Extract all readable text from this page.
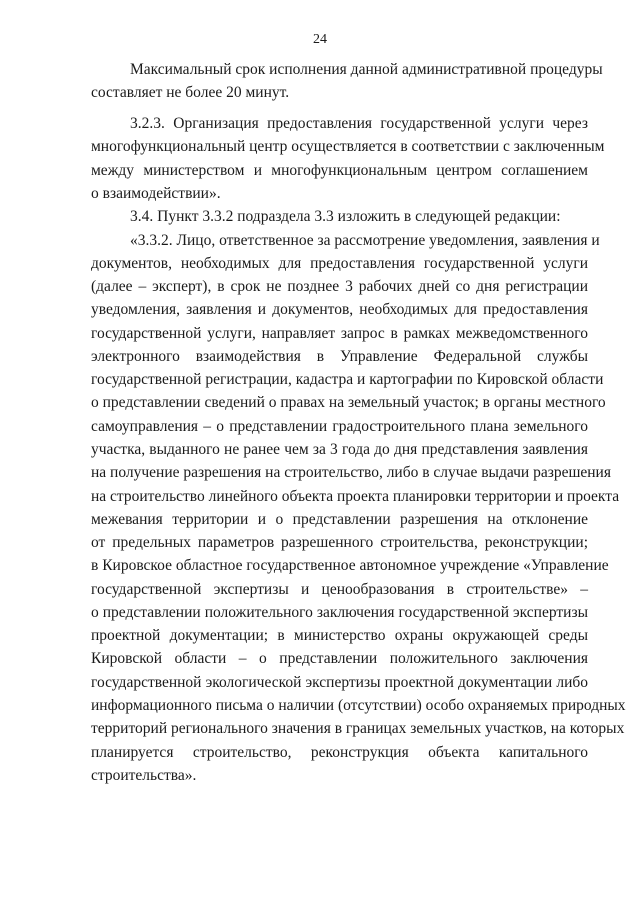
24
Максимальный срок исполнения данной административной процедуры
составляет не более 20 минут.
3.2.3. Организация предоставления государственной услуги через
многофункциональный центр осуществляется в соответствии с заключенным
между министерством и многофункциональным центром соглашением
о взаимодействии».
3.4. Пункт 3.3.2 подраздела 3.3 изложить в следующей редакции:
«3.3.2. Лицо, ответственное за рассмотрение уведомления, заявления и
документов, необходимых для предоставления государственной услуги
(далее – эксперт), в срок не позднее 3 рабочих дней со дня регистрации
уведомления, заявления и документов, необходимых для предоставления
государственной услуги, направляет запрос в рамках межведомственного
электронного взаимодействия в Управление Федеральной службы
государственной регистрации, кадастра и картографии по Кировской области
о представлении сведений о правах на земельный участок; в органы местного
самоуправления – о представлении градостроительного плана земельного
участка, выданного не ранее чем за 3 года до дня представления заявления
на получение разрешения на строительство, либо в случае выдачи разрешения
на строительство линейного объекта проекта планировки территории и проекта
межевания территории и о представлении разрешения на отклонение
от предельных параметров разрешенного строительства, реконструкции;
в Кировское областное государственное автономное учреждение «Управление
государственной экспертизы и ценообразования в строительстве» –
о представлении положительного заключения государственной экспертизы
проектной документации; в министерство охраны окружающей среды
Кировской области – о представлении положительного заключения
государственной экологической экспертизы проектной документации либо
информационного письма о наличии (отсутствии) особо охраняемых природных
территорий регионального значения в границах земельных участков, на которых
планируется строительство, реконструкция объекта капитального
строительства».
